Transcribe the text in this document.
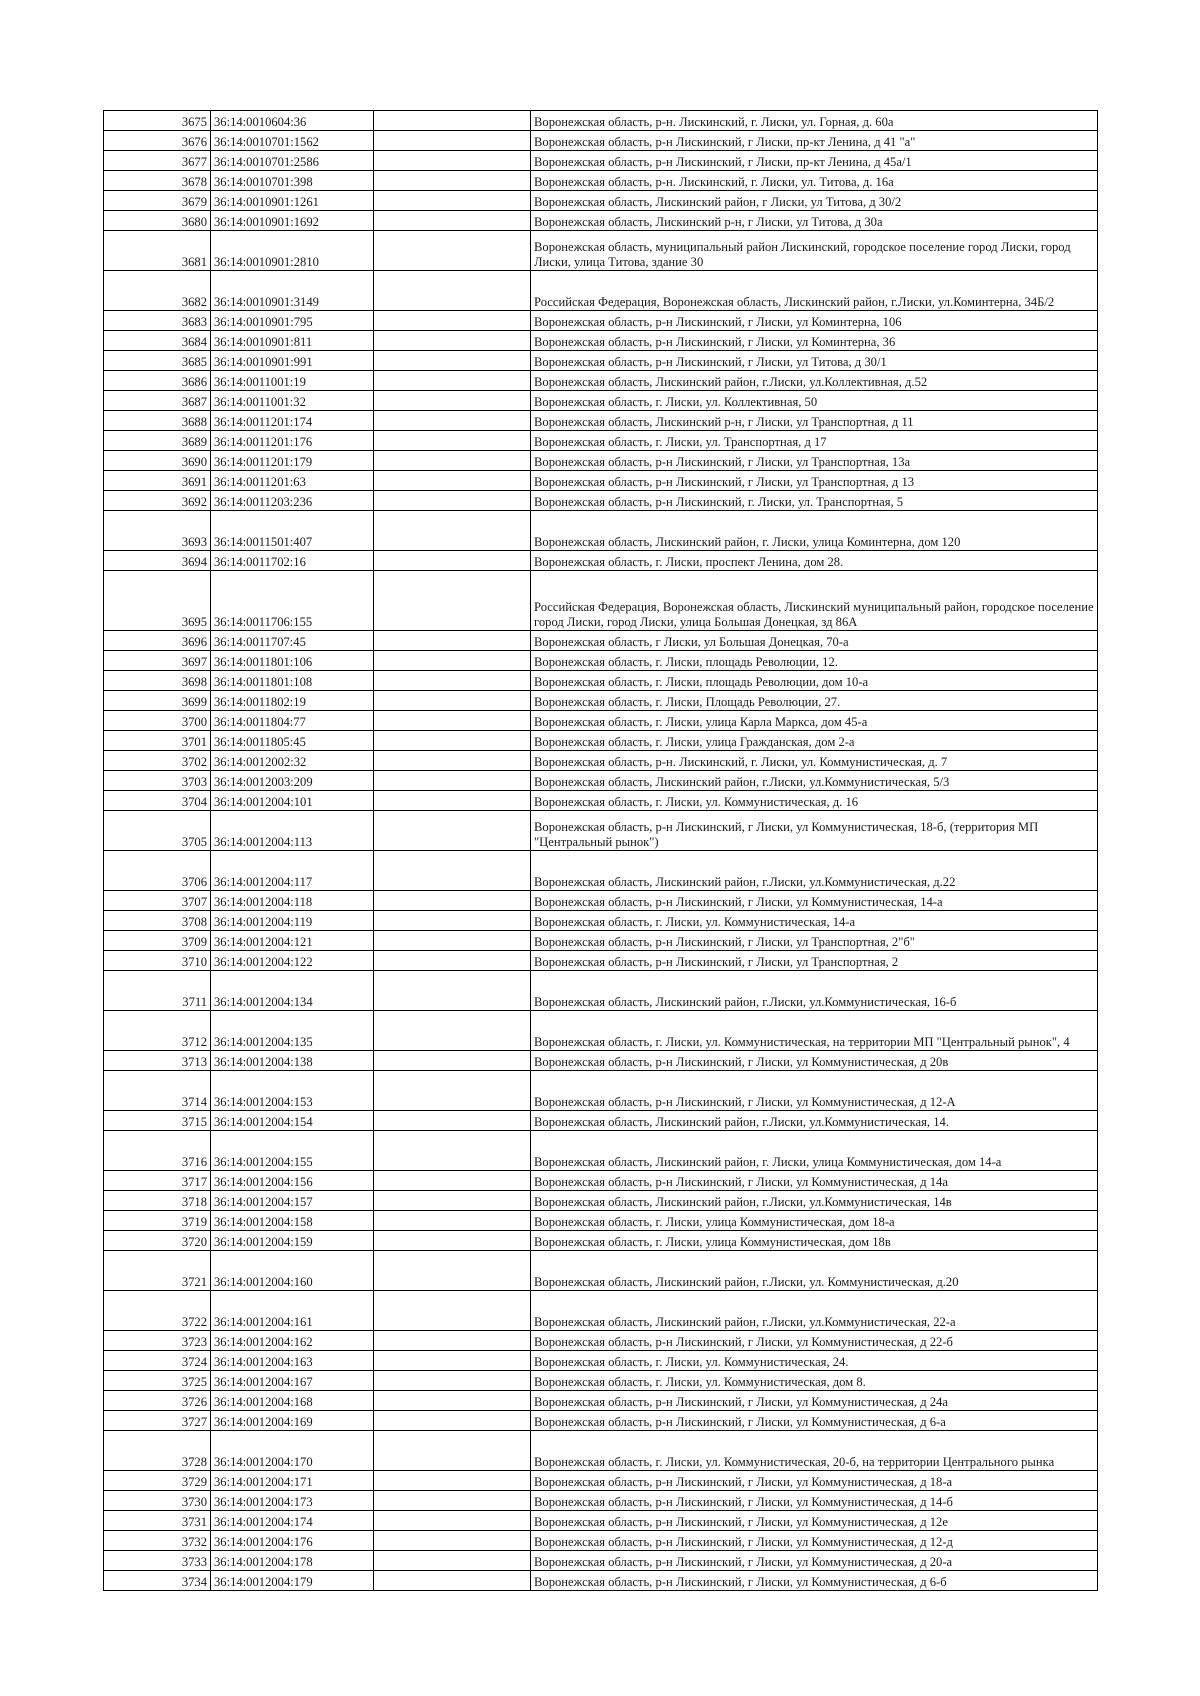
3675	36:14:0010604:36		Воронежская область, р-н. Лискинский, г. Лиски, ул. Горная, д. 60а
3676	36:14:0010701:1562		Воронежская область, р-н Лискинский, г Лиски, пр-кт Ленина, д 41 "а"
3677	36:14:0010701:2586		Воронежская область, р-н Лискинский, г Лиски, пр-кт Ленина, д 45а/1
3678	36:14:0010701:398		Воронежская область, р-н. Лискинский, г. Лиски, ул. Титова, д. 16а
3679	36:14:0010901:1261		Воронежская область, Лискинский район, г Лиски, ул Титова, д 30/2
3680	36:14:0010901:1692		Воронежская область, Лискинский р-н, г Лиски, ул Титова, д 30а
3681	36:14:0010901:2810		Воронежская область, муниципальный район Лискинский, городское поселение город Лиски, город Лиски, улица Титова, здание 30
3682	36:14:0010901:3149		Российская Федерация, Воронежская область, Лискинский район, г.Лиски, ул.Коминтерна, 34Б/2
3683	36:14:0010901:795		Воронежская область, р-н Лискинский, г Лиски, ул Коминтерна, 106
3684	36:14:0010901:811		Воронежская область, р-н Лискинский, г Лиски, ул Коминтерна, 36
3685	36:14:0010901:991		Воронежская область, р-н Лискинский, г Лиски, ул Титова, д 30/1
3686	36:14:0011001:19		Воронежская область, Лискинский район, г.Лиски, ул.Коллективная, д.52
3687	36:14:0011001:32		Воронежская область, г. Лиски, ул. Коллективная, 50
3688	36:14:0011201:174		Воронежская область, Лискинский р-н, г Лиски, ул Транспортная, д 11
3689	36:14:0011201:176		Воронежская область, г. Лиски, ул. Транспортная, д 17
3690	36:14:0011201:179		Воронежская область, р-н Лискинский, г Лиски, ул Транспортная, 13а
3691	36:14:0011201:63		Воронежская область, р-н Лискинский, г Лиски, ул Транспортная, д 13
3692	36:14:0011203:236		Воронежская область, р-н Лискинский, г. Лиски, ул. Транспортная, 5
3693	36:14:0011501:407		Воронежская область, Лискинский район, г. Лиски, улица Коминтерна, дом 120
3694	36:14:0011702:16		Воронежская область, г. Лиски, проспект Ленина, дом 28.
3695	36:14:0011706:155		Российская Федерация, Воронежская область, Лискинский муниципальный район, городское поселение город Лиски, город Лиски, улица Большая Донецкая, зд 86А
3696	36:14:0011707:45		Воронежская область, г Лиски, ул Большая Донецкая, 70-а
3697	36:14:0011801:106		Воронежская область, г. Лиски, площадь Революции, 12.
3698	36:14:0011801:108		Воронежская область, г. Лиски, площадь Революции, дом 10-а
3699	36:14:0011802:19		Воронежская область, г. Лиски, Площадь Революции, 27.
3700	36:14:0011804:77		Воронежская область, г. Лиски, улица Карла Маркса, дом 45-а
3701	36:14:0011805:45		Воронежская область, г. Лиски, улица Гражданская, дом 2-а
3702	36:14:0012002:32		Воронежская область, р-н. Лискинский, г. Лиски, ул. Коммунистическая, д. 7
3703	36:14:0012003:209		Воронежская область, Лискинский район, г.Лиски, ул.Коммунистическая, 5/3
3704	36:14:0012004:101		Воронежская область, г. Лиски, ул. Коммунистическая, д. 16
3705	36:14:0012004:113		Воронежская область, р-н Лискинский, г Лиски, ул Коммунистическая, 18-б, (территория МП "Центральный рынок")
3706	36:14:0012004:117		Воронежская область, Лискинский район, г.Лиски, ул.Коммунистическая, д.22
3707	36:14:0012004:118		Воронежская область, р-н Лискинский, г Лиски, ул Коммунистическая, 14-а
3708	36:14:0012004:119		Воронежская область, г. Лиски, ул. Коммунистическая, 14-а
3709	36:14:0012004:121		Воронежская область, р-н Лискинский, г Лиски, ул Транспортная, 2"б"
3710	36:14:0012004:122		Воронежская область, р-н Лискинский, г Лиски, ул Транспортная, 2
3711	36:14:0012004:134		Воронежская область, Лискинский район, г.Лиски, ул.Коммунистическая, 16-б
3712	36:14:0012004:135		Воронежская область, г. Лиски, ул. Коммунистическая, на территории МП "Центральный рынок", 4
3713	36:14:0012004:138		Воронежская область, р-н Лискинский, г Лиски, ул Коммунистическая, д 20в
3714	36:14:0012004:153		Воронежская область, р-н Лискинский, г Лиски, ул Коммунистическая, д 12-А
3715	36:14:0012004:154		Воронежская область, Лискинский район, г.Лиски, ул.Коммунистическая, 14.
3716	36:14:0012004:155		Воронежская область, Лискинский район, г. Лиски, улица Коммунистическая, дом 14-а
3717	36:14:0012004:156		Воронежская область, р-н Лискинский, г Лиски, ул Коммунистическая, д 14а
3718	36:14:0012004:157		Воронежская область, Лискинский район, г.Лиски, ул.Коммунистическая, 14в
3719	36:14:0012004:158		Воронежская область, г. Лиски, улица Коммунистическая, дом 18-а
3720	36:14:0012004:159		Воронежская область, г. Лиски, улица Коммунистическая, дом 18в
3721	36:14:0012004:160		Воронежская область, Лискинский район, г.Лиски, ул. Коммунистическая, д.20
3722	36:14:0012004:161		Воронежская область, Лискинский район, г.Лиски, ул.Коммунистическая, 22-а
3723	36:14:0012004:162		Воронежская область, р-н Лискинский, г Лиски, ул Коммунистическая, д 22-б
3724	36:14:0012004:163		Воронежская область, г. Лиски, ул. Коммунистическая, 24.
3725	36:14:0012004:167		Воронежская область, г. Лиски, ул. Коммунистическая, дом 8.
3726	36:14:0012004:168		Воронежская область, р-н Лискинский, г Лиски, ул Коммунистическая, д 24а
3727	36:14:0012004:169		Воронежская область, р-н Лискинский, г Лиски, ул Коммунистическая, д 6-а
3728	36:14:0012004:170		Воронежская область, г. Лиски, ул. Коммунистическая, 20-б, на территории Центрального рынка
3729	36:14:0012004:171		Воронежская область, р-н Лискинский, г Лиски, ул Коммунистическая, д 18-а
3730	36:14:0012004:173		Воронежская область, р-н Лискинский, г Лиски, ул Коммунистическая, д 14-б
3731	36:14:0012004:174		Воронежская область, р-н Лискинский, г Лиски, ул Коммунистическая, д 12е
3732	36:14:0012004:176		Воронежская область, р-н Лискинский, г Лиски, ул Коммунистическая, д 12-д
3733	36:14:0012004:178		Воронежская область, р-н Лискинский, г Лиски, ул Коммунистическая, д 20-а
3734	36:14:0012004:179		Воронежская область, р-н Лискинский, г Лиски, ул Коммунистическая, д 6-б
